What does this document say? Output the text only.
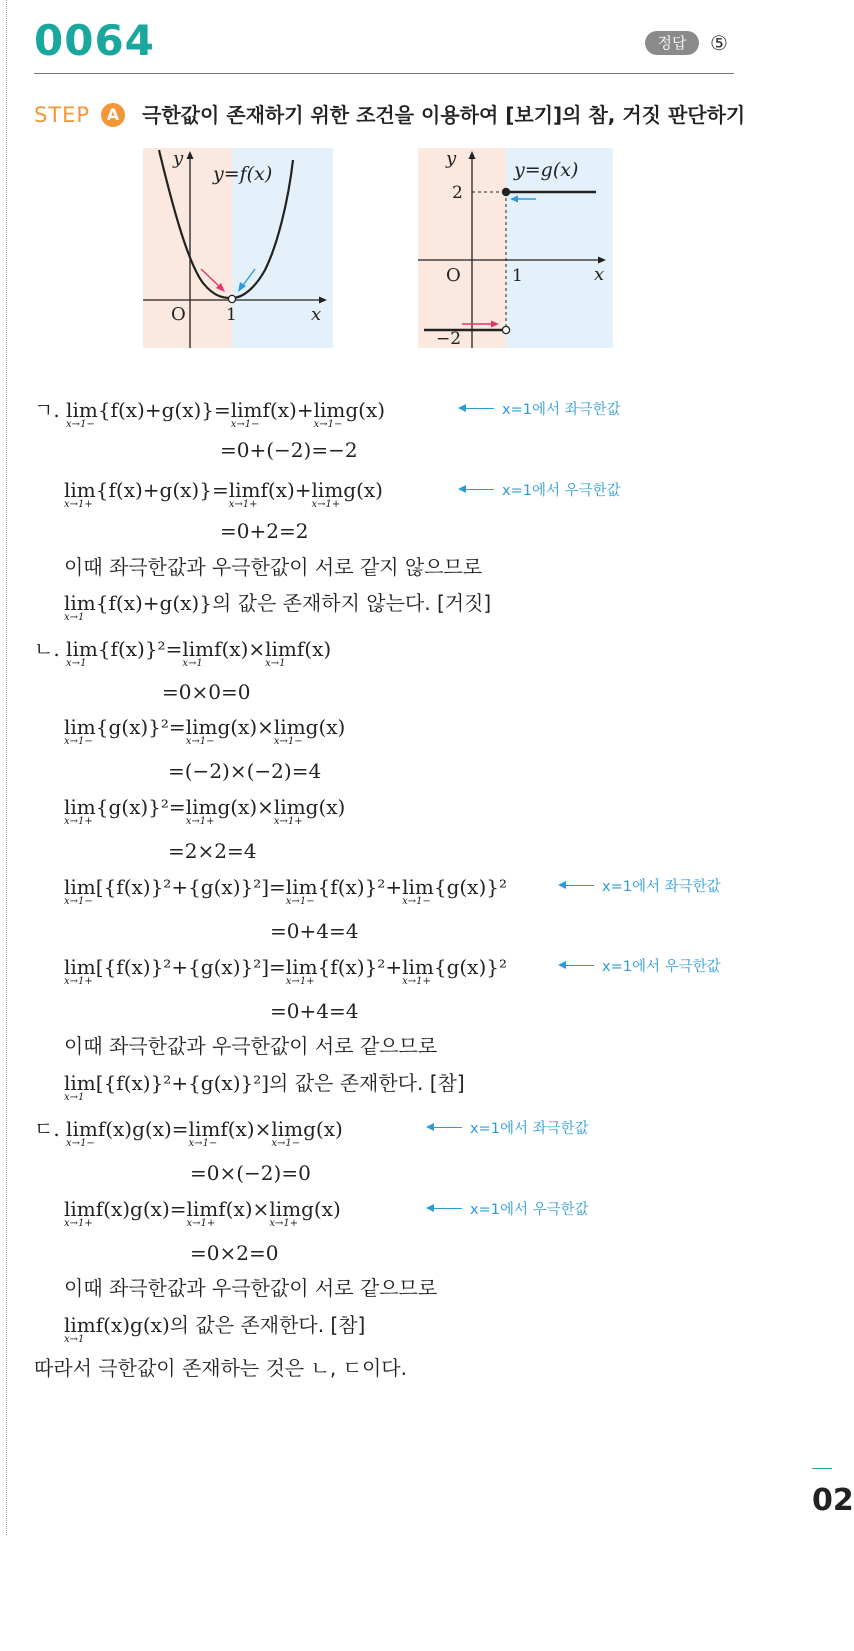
0064	정답	⑤
STEP	A 극한값이 존재하기 위한 조건을 이용하여 [보기]의 참, 거짓 판단하기
y
x
O 1
y=f(x)
y
x
O	1
2
−2
y=g(x)
ㄱ. lim
x→1−
{f(x)+g(x)}=lim
x→1−
f(x)+lim
x→1−
g(x)	x=1에서 좌극한값
=0+(−2)=−2
lim
x→1+
{f(x)+g(x)}=lim
x→1+
f(x)+lim
x→1+
g(x)	x=1에서 우극한값
=0+2=2
이때 좌극한값과 우극한값이 서로 같지 않으므로
lim
x→1
{f(x)+g(x)}의 값은 존재하지 않는다. [거짓]
ㄴ. lim
x→1
{f(x)}²=lim
x→1
f(x)×lim
x→1
f(x)
=0×0=0
lim
x→1−
{g(x)}²=lim
x→1−
g(x)×lim
x→1−
g(x)
=(−2)×(−2)=4
lim
x→1+
{g(x)}²=lim
x→1+
g(x)×lim
x→1+
g(x)
=2×2=4
lim
x→1−
[{f(x)}²+{g(x)}²]=lim
x→1−
{f(x)}²+lim
x→1−
{g(x)}²	x=1에서 좌극한값
=0+4=4
lim
x→1+
[{f(x)}²+{g(x)}²]=lim
x→1+
{f(x)}²+lim
x→1+
{g(x)}²	x=1에서 우극한값
=0+4=4
이때 좌극한값과 우극한값이 서로 같으므로
lim
x→1
[{f(x)}²+{g(x)}²]의 값은 존재한다. [참]
ㄷ. lim
x→1−
f(x)g(x)=lim
x→1−
f(x)×lim
x→1−
g(x)	x=1에서 좌극한값
=0×(−2)=0
lim
x→1+
f(x)g(x)=lim
x→1+
f(x)×lim
x→1+
g(x)	x=1에서 우극한값
=0×2=0
이때 좌극한값과 우극한값이 서로 같으므로
lim
x→1
f(x)g(x)의 값은 존재한다. [참]
따라서 극한값이 존재하는 것은 ㄴ, ㄷ이다.
02
